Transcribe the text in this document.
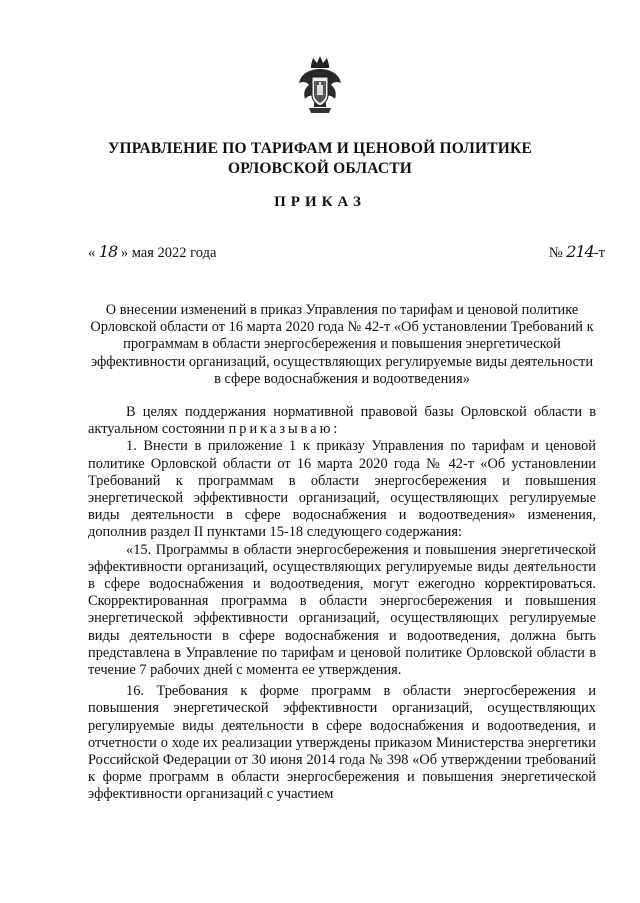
УПРАВЛЕНИЕ ПО ТАРИФАМ И ЦЕНОВОЙ ПОЛИТИКЕ
ОРЛОВСКОЙ ОБЛАСТИ
ПРИКАЗ
« 18 » мая 2022 года	№ 214-т
О внесении изменений в приказ Управления по тарифам и ценовой политике Орловской области от 16 марта 2020 года № 42-т «Об установлении Требований к программам в области энергосбережения и повышения энергетической эффективности организаций, осуществляющих регулируемые виды деятельности в сфере водоснабжения и водоотведения»

В целях поддержания нормативной правовой базы Орловской области в актуальном состоянии приказываю:

1. Внести в приложение 1 к приказу Управления по тарифам и ценовой политике Орловской области от 16 марта 2020 года № 42-т «Об установлении Требований к программам в области энергосбережения и повышения энергетической эффективности организаций, осуществляющих регулируемые виды деятельности в сфере водоснабжения и водоотведения» изменения, дополнив раздел II пунктами 15-18 следующего содержания:

«15. Программы в области энергосбережения и повышения энергетической эффективности организаций, осуществляющих регулируемые виды деятельности в сфере водоснабжения и водоотведения, могут ежегодно корректироваться. Скорректированная программа в области энергосбережения и повышения энергетической эффективности организаций, осуществляющих регулируемые виды деятельности в сфере водоснабжения и водоотведения, должна быть представлена в Управление по тарифам и ценовой политике Орловской области в течение 7 рабочих дней с момента ее утверждения.

16. Требования к форме программ в области энергосбережения и повышения энергетической эффективности организаций, осуществляющих регулируемые виды деятельности в сфере водоснабжения и водоотведения, и отчетности о ходе их реализации утверждены приказом Министерства энергетики Российской Федерации от 30 июня 2014 года № 398 «Об утверждении требований к форме программ в области энергосбережения и повышения энергетической эффективности организаций с участием
